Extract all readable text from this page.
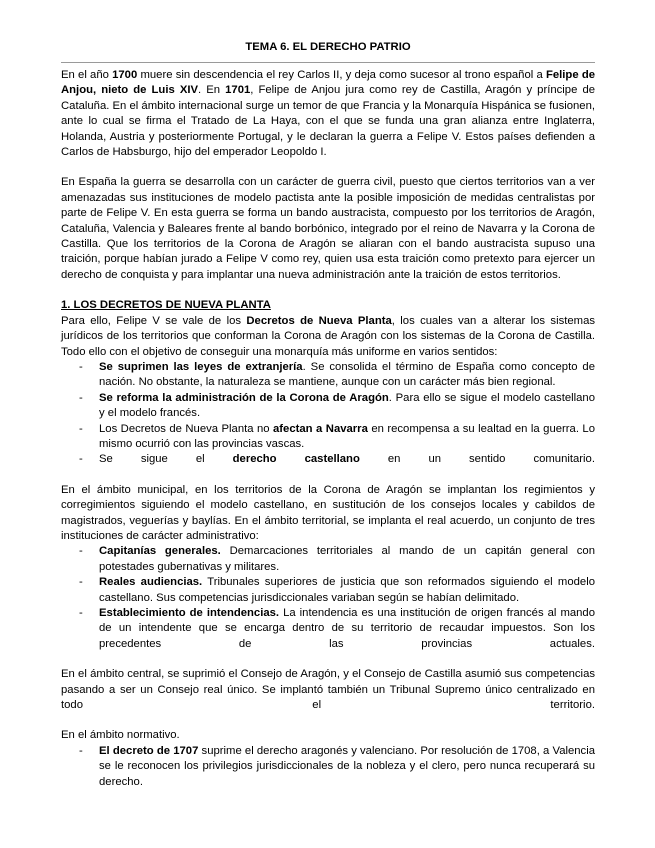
TEMA 6. EL DERECHO PATRIO

En el año 1700 muere sin descendencia el rey Carlos II, y deja como sucesor al trono español a Felipe de Anjou, nieto de Luis XIV. En 1701, Felipe de Anjou jura como rey de Castilla, Aragón y príncipe de Cataluña. En el ámbito internacional surge un temor de que Francia y la Monarquía Hispánica se fusionen, ante lo cual se firma el Tratado de La Haya, con el que se funda una gran alianza entre Inglaterra, Holanda, Austria y posteriormente Portugal, y le declaran la guerra a Felipe V. Estos países defienden a Carlos de Habsburgo, hijo del emperador Leopoldo I.

En España la guerra se desarrolla con un carácter de guerra civil, puesto que ciertos territorios van a ver amenazadas sus instituciones de modelo pactista ante la posible imposición de medidas centralistas por parte de Felipe V. En esta guerra se forma un bando austracista, compuesto por los territorios de Aragón, Cataluña, Valencia y Baleares frente al bando borbónico, integrado por el reino de Navarra y la Corona de Castilla. Que los territorios de la Corona de Aragón se aliaran con el bando austracista supuso una traición, porque habían jurado a Felipe V como rey, quien usa esta traición como pretexto para ejercer un derecho de conquista y para implantar una nueva administración ante la traición de estos territorios.

1. LOS DECRETOS DE NUEVA PLANTA

Para ello, Felipe V se vale de los Decretos de Nueva Planta, los cuales van a alterar los sistemas jurídicos de los territorios que conforman la Corona de Aragón con los sistemas de la Corona de Castilla. Todo ello con el objetivo de conseguir una monarquía más uniforme en varios sentidos:

- Se suprimen las leyes de extranjería. Se consolida el término de España como concepto de nación. No obstante, la naturaleza se mantiene, aunque con un carácter más bien regional.
- Se reforma la administración de la Corona de Aragón. Para ello se sigue el modelo castellano y el modelo francés.
- Los Decretos de Nueva Planta no afectan a Navarra en recompensa a su lealtad en la guerra. Lo mismo ocurrió con las provincias vascas.
- Se sigue el derecho castellano en un sentido comunitario.

En el ámbito municipal, en los territorios de la Corona de Aragón se implantan los regimientos y corregimientos siguiendo el modelo castellano, en sustitución de los consejos locales y cabildos de magistrados, veguerías y baylías. En el ámbito territorial, se implanta el real acuerdo, un conjunto de tres instituciones de carácter administrativo:

- Capitanías generales. Demarcaciones territoriales al mando de un capitán general con potestades gubernativas y militares.
- Reales audiencias. Tribunales superiores de justicia que son reformados siguiendo el modelo castellano. Sus competencias jurisdiccionales variaban según se habían delimitado.
- Establecimiento de intendencias. La intendencia es una institución de origen francés al mando de un intendente que se encarga dentro de su territorio de recaudar impuestos. Son los precedentes de las provincias actuales.

En el ámbito central, se suprimió el Consejo de Aragón, y el Consejo de Castilla asumió sus competencias pasando a ser un Consejo real único. Se implantó también un Tribunal Supremo único centralizado en todo el territorio.

En el ámbito normativo.

- El decreto de 1707 suprime el derecho aragonés y valenciano. Por resolución de 1708, a Valencia se le reconocen los privilegios jurisdiccionales de la nobleza y el clero, pero nunca recuperará su derecho.
